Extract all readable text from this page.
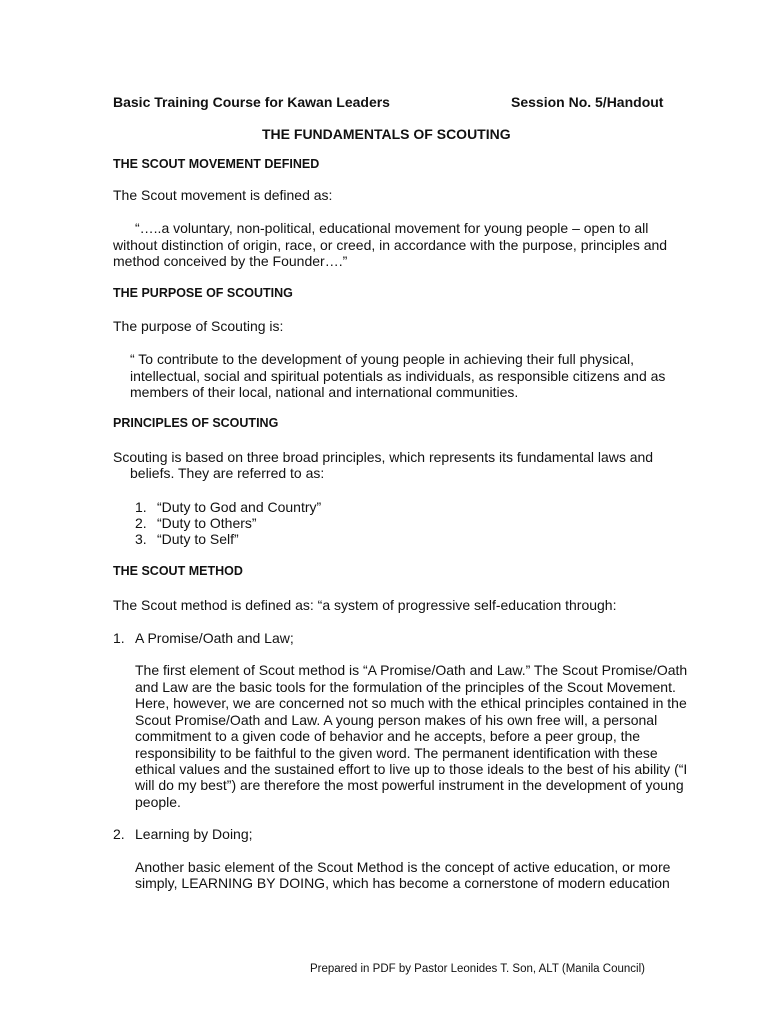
Basic Training Course for Kawan Leaders	Session No. 5/Handout

THE FUNDAMENTALS OF SCOUTING

THE SCOUT MOVEMENT DEFINED

The Scout movement is defined as:

“…..a voluntary, non-political, educational movement for young people – open to all

without distinction of origin, race, or creed, in accordance with the purpose, principles and

method conceived by the Founder….”

THE PURPOSE OF SCOUTING

The purpose of Scouting is:

“ To contribute to the development of young people in achieving their full physical,

intellectual, social and spiritual potentials as individuals, as responsible citizens and as

members of their local, national and international communities.

PRINCIPLES OF SCOUTING

Scouting is based on three broad principles, which represents its fundamental laws and

beliefs. They are referred to as:

1. “Duty to God and Country”
2. “Duty to Others”
3. “Duty to Self”

THE SCOUT METHOD

The Scout method is defined as: “a system of progressive self-education through:

1. A Promise/Oath and Law;

The first element of Scout method is “A Promise/Oath and Law.” The Scout Promise/Oath

and Law are the basic tools for the formulation of the principles of the Scout Movement.

Here, however, we are concerned not so much with the ethical principles contained in the

Scout Promise/Oath and Law. A young person makes of his own free will, a personal

commitment to a given code of behavior and he accepts, before a peer group, the

responsibility to be faithful to the given word. The permanent identification with these

ethical values and the sustained effort to live up to those ideals to the best of his ability (“I

will do my best”) are therefore the most powerful instrument in the development of young

people.

2. Learning by Doing;

Another basic element of the Scout Method is the concept of active education, or more

simply, LEARNING BY DOING, which has become a cornerstone of modern education

Prepared in PDF by Pastor Leonides T. Son, ALT (Manila Council)
